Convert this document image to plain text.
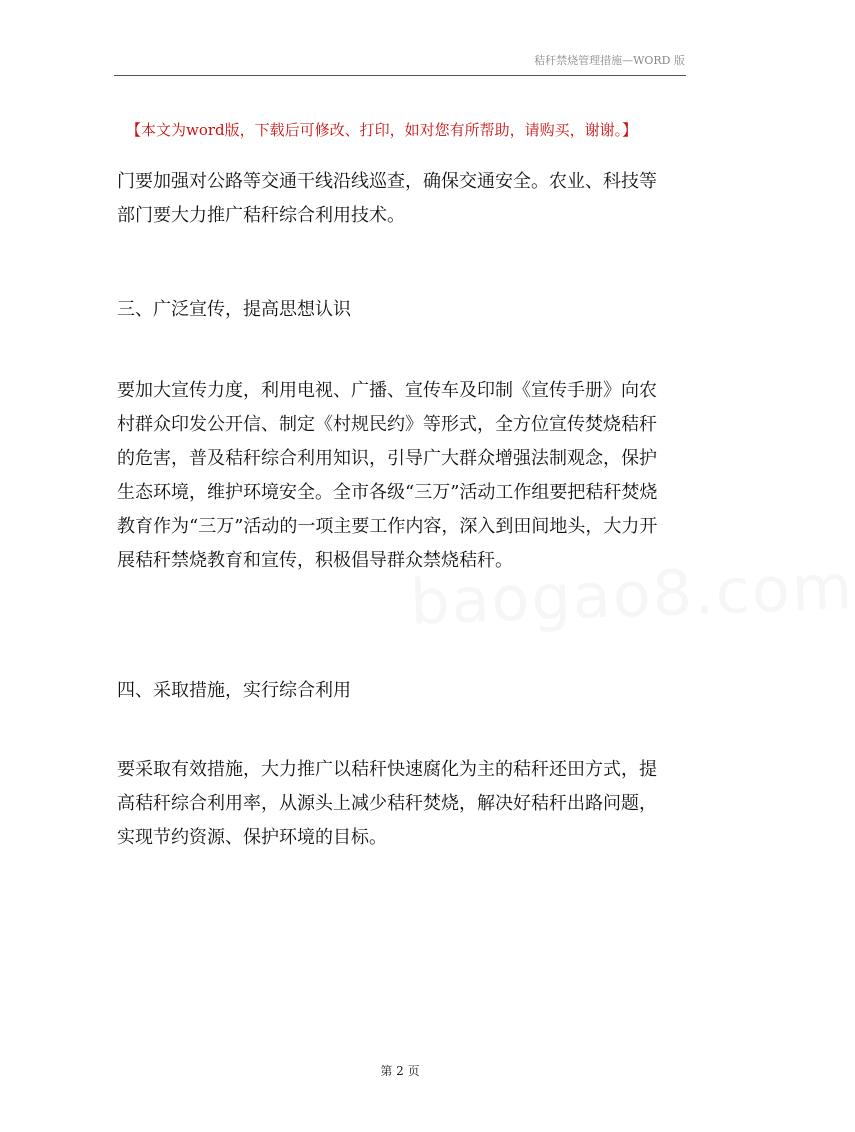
秸秆禁烧管理措施—WORD 版
【本文为word版，下载后可修改、打印，如对您有所帮助，请购买，谢谢。】
门要加强对公路等交通干线沿线巡查，确保交通安全。农业、科技等
部门要大力推广秸秆综合利用技术。
三、广泛宣传，提高思想认识
要加大宣传力度，利用电视、广播、宣传车及印制《宣传手册》向农
村群众印发公开信、制定《村规民约》等形式，全方位宣传焚烧秸秆
的危害，普及秸秆综合利用知识，引导广大群众增强法制观念，保护
生态环境，维护环境安全。全市各级“三万”活动工作组要把秸秆焚烧
教育作为“三万”活动的一项主要工作内容，深入到田间地头，大力开
展秸秆禁烧教育和宣传，积极倡导群众禁烧秸秆。
四、采取措施，实行综合利用
要采取有效措施，大力推广以秸秆快速腐化为主的秸秆还田方式，提
高秸秆综合利用率，从源头上减少秸秆焚烧，解决好秸秆出路问题，
实现节约资源、保护环境的目标。
baogao8.com
第 2 页
